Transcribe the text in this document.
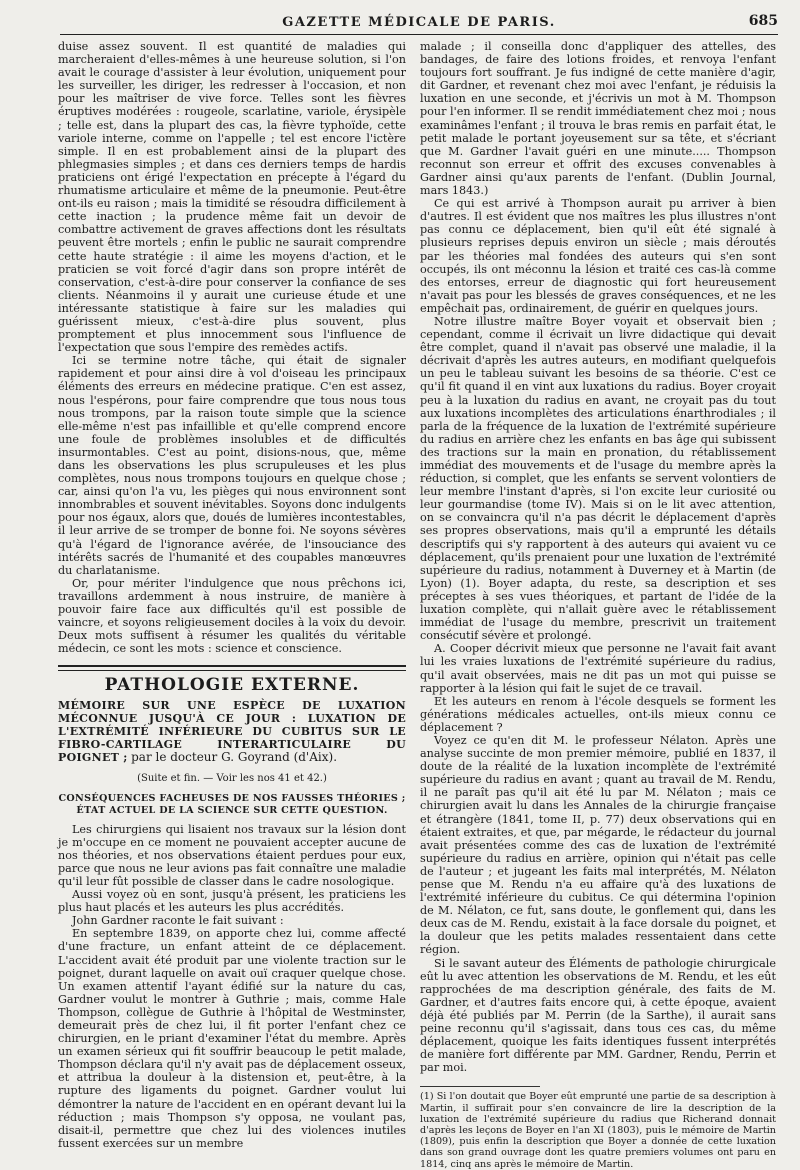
GAZETTE MÉDICALE DE PARIS.	685

duise assez souvent. Il est quantité de maladies qui marcheraient d'elles-mêmes à une heureuse solution, si l'on avait le courage d'assister à leur évolution, uniquement pour les surveiller, les diriger, les redresser à l'occasion, et non pour les maîtriser de vive force. Telles sont les fièvres éruptives modérées : rougeole, scarlatine, variole, érysipèle ; telle est, dans la plupart des cas, la fièvre typhoïde, cette variole interne, comme on l'appelle ; tel est encore l'ictère simple. Il en est probablement ainsi de la plupart des phlegmasies simples ; et dans ces derniers temps de hardis praticiens ont érigé l'expectation en précepte à l'égard du rhumatisme articulaire et même de la pneumonie. Peut-être ont-ils eu raison ; mais la timidité se résoudra difficilement à cette inaction ; la prudence même fait un devoir de combattre activement de graves affections dont les résultats peuvent être mortels ; enfin le public ne saurait comprendre cette haute stratégie : il aime les moyens d'action, et le praticien se voit forcé d'agir dans son propre intérêt de conservation, c'est-à-dire pour conserver la confiance de ses clients. Néanmoins il y aurait une curieuse étude et une intéressante statistique à faire sur les maladies qui guérissent mieux, c'est-à-dire plus souvent, plus promptement et plus innocemment sous l'influence de l'expectation que sous l'empire des remèdes actifs.

Ici se termine notre tâche, qui était de signaler rapidement et pour ainsi dire à vol d'oiseau les principaux éléments des erreurs en médecine pratique. C'en est assez, nous l'espérons, pour faire comprendre que tous nous tous nous trompons, par la raison toute simple que la science elle-même n'est pas infaillible et qu'elle comprend encore une foule de problèmes insolubles et de difficultés insurmontables. C'est au point, disions-nous, que, même dans les observations les plus scrupuleuses et les plus complètes, nous nous trompons toujours en quelque chose ; car, ainsi qu'on l'a vu, les pièges qui nous environnent sont innombrables et souvent inévitables. Soyons donc indulgents pour nos égaux, alors que, doués de lumières incontestables, il leur arrive de se tromper de bonne foi. Ne soyons sévères qu'à l'égard de l'ignorance avérée, de l'insouciance des intérêts sacrés de l'humanité et des coupables manœuvres du charlatanisme.

Or, pour mériter l'indulgence que nous prêchons ici, travaillons ardemment à nous instruire, de manière à pouvoir faire face aux difficultés qu'il est possible de vaincre, et soyons religieusement dociles à la voix du devoir. Deux mots suffisent à résumer les qualités du véritable médecin, ce sont les mots : science et conscience.

PATHOLOGIE EXTERNE.
MÉMOIRE SUR UNE ESPÈCE DE LUXATION MÉCONNUE JUSQU'À CE JOUR : LUXATION DE L'EXTRÉMITÉ INFÉRIEURE DU CUBITUS SUR LE FIBRO-CARTILAGE INTERARTICULAIRE DU POIGNET ; par le docteur G. Goyrand (d'Aix).
(Suite et fin. — Voir les nos 41 et 42.)
CONSÉQUENCES FACHEUSES DE NOS FAUSSES THÉORIES ; ÉTAT ACTUEL DE LA SCIENCE SUR CETTE QUESTION.

Les chirurgiens qui lisaient nos travaux sur la lésion dont je m'occupe en ce moment ne pouvaient accepter aucune de nos théories, et nos observations étaient perdues pour eux, parce que nous ne leur avions pas fait connaître une maladie qu'il leur fût possible de classer dans le cadre nosologique.

Aussi voyez où en sont, jusqu'à présent, les praticiens les plus haut placés et les auteurs les plus accrédités.

John Gardner raconte le fait suivant :

En septembre 1839, on apporte chez lui, comme affecté d'une fracture, un enfant atteint de ce déplacement. L'accident avait été produit par une violente traction sur le poignet, durant laquelle on avait ouï craquer quelque chose. Un examen attentif l'ayant édifié sur la nature du cas, Gardner voulut le montrer à Guthrie ; mais, comme Hale Thompson, collègue de Guthrie à l'hôpital de Westminster, demeurait près de chez lui, il fit porter l'enfant chez ce chirurgien, en le priant d'examiner l'état du membre. Après un examen sérieux qui fit souffrir beaucoup le petit malade, Thompson déclara qu'il n'y avait pas de déplacement osseux, et attribua la douleur à la distension et, peut-être, à la rupture des ligaments du poignet. Gardner voulut lui démontrer la nature de l'accident en en opérant devant lui la réduction ; mais Thompson s'y opposa, ne voulant pas, disait-il, permettre que chez lui des violences inutiles fussent exercées sur un membre

malade ; il conseilla donc d'appliquer des attelles, des bandages, de faire des lotions froides, et renvoya l'enfant toujours fort souffrant. Je fus indigné de cette manière d'agir, dit Gardner, et revenant chez moi avec l'enfant, je réduisis la luxation en une seconde, et j'écrivis un mot à M. Thompson pour l'en informer. Il se rendit immédiatement chez moi ; nous examinâmes l'enfant ; il trouva le bras remis en parfait état, le petit malade le portant joyeusement sur sa tête, et s'écriant que M. Gardner l'avait guéri en une minute..... Thompson reconnut son erreur et offrit des excuses convenables à Gardner ainsi qu'aux parents de l'enfant. (Dublin Journal, mars 1843.)

Ce qui est arrivé à Thompson aurait pu arriver à bien d'autres. Il est évident que nos maîtres les plus illustres n'ont pas connu ce déplacement, bien qu'il eût été signalé à plusieurs reprises depuis environ un siècle ; mais déroutés par les théories mal fondées des auteurs qui s'en sont occupés, ils ont méconnu la lésion et traité ces cas-là comme des entorses, erreur de diagnostic qui fort heureusement n'avait pas pour les blessés de graves conséquences, et ne les empêchait pas, ordinairement, de guérir en quelques jours.

Notre illustre maître Boyer voyait et observait bien ; cependant, comme il écrivait un livre didactique qui devait être complet, quand il n'avait pas observé une maladie, il la décrivait d'après les autres auteurs, en modifiant quelquefois un peu le tableau suivant les besoins de sa théorie. C'est ce qu'il fit quand il en vint aux luxations du radius. Boyer croyait peu à la luxation du radius en avant, ne croyait pas du tout aux luxations incomplètes des articulations énarthrodiales ; il parla de la fréquence de la luxation de l'extrémité supérieure du radius en arrière chez les enfants en bas âge qui subissent des tractions sur la main en pronation, du rétablissement immédiat des mouvements et de l'usage du membre après la réduction, si complet, que les enfants se servent volontiers de leur membre l'instant d'après, si l'on excite leur curiosité ou leur gourmandise (tome IV). Mais si on le lit avec attention, on se convaincra qu'il n'a pas décrit le déplacement d'après ses propres observations, mais qu'il a emprunté les détails descriptifs qui s'y rapportent à des auteurs qui avaient vu ce déplacement, qu'ils prenaient pour une luxation de l'extrémité supérieure du radius, notamment à Duverney et à Martin (de Lyon) (1). Boyer adapta, du reste, sa description et ses préceptes à ses vues théoriques, et partant de l'idée de la luxation complète, qui n'allait guère avec le rétablissement immédiat de l'usage du membre, prescrivit un traitement consécutif sévère et prolongé.

A. Cooper décrivit mieux que personne ne l'avait fait avant lui les vraies luxations de l'extrémité supérieure du radius, qu'il avait observées, mais ne dit pas un mot qui puisse se rapporter à la lésion qui fait le sujet de ce travail.

Et les auteurs en renom à l'école desquels se forment les générations médicales actuelles, ont-ils mieux connu ce déplacement ?

Voyez ce qu'en dit M. le professeur Nélaton. Après une analyse succinte de mon premier mémoire, publié en 1837, il doute de la réalité de la luxation incomplète de l'extrémité supérieure du radius en avant ; quant au travail de M. Rendu, il ne paraît pas qu'il ait été lu par M. Nélaton ; mais ce chirurgien avait lu dans les Annales de la chirurgie française et étrangère (1841, tome II, p. 77) deux observations qui en étaient extraites, et que, par mégarde, le rédacteur du journal avait présentées comme des cas de luxation de l'extrémité supérieure du radius en arrière, opinion qui n'était pas celle de l'auteur ; et jugeant les faits mal interprétés, M. Nélaton pense que M. Rendu n'a eu affaire qu'à des luxations de l'extrémité inférieure du cubitus. Ce qui détermina l'opinion de M. Nélaton, ce fut, sans doute, le gonflement qui, dans les deux cas de M. Rendu, existait à la face dorsale du poignet, et la douleur que les petits malades ressentaient dans cette région.

Si le savant auteur des Éléments de pathologie chirurgicale eût lu avec attention les observations de M. Rendu, et les eût rapprochées de ma description générale, des faits de M. Gardner, et d'autres faits encore qui, à cette époque, avaient déjà été publiés par M. Perrin (de la Sarthe), il aurait sans peine reconnu qu'il s'agissait, dans tous ces cas, du même déplacement, quoique les faits identiques fussent interprétés de manière fort différente par MM. Gardner, Rendu, Perrin et par moi.

(1) Si l'on doutait que Boyer eût emprunté une partie de sa description à Martin, il suffirait pour s'en convaincre de lire la description de la luxation de l'extrémité supérieure du radius que Richerand donnait d'après les leçons de Boyer en l'an XI (1803), puis le mémoire de Martin (1809), puis enfin la description que Boyer a donnée de cette luxation dans son grand ouvrage dont les quatre premiers volumes ont paru en 1814, cinq ans après le mémoire de Martin.
